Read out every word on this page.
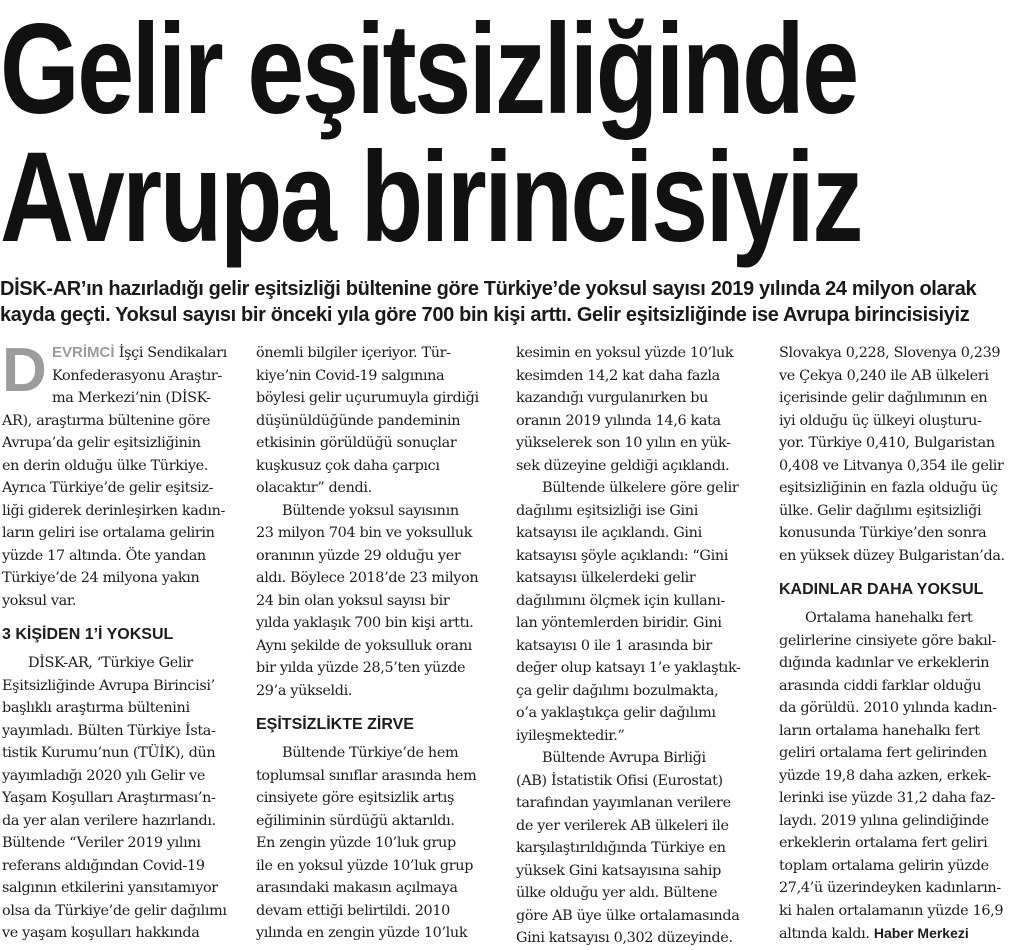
Gelir eşitsizliğinde
Avrupa birincisiyiz

DİSK-AR’ın hazırladığı gelir eşitsizliği bültenine göre Türkiye’de yoksul sayısı 2019 yılında 24 milyon olarak

kayda geçti. Yoksul sayısı bir önceki yıla göre 700 bin kişi arttı. Gelir eşitsizliğinde ise Avrupa birincisisiyiz

D EVRİMCİ İşçi Sendikaları
Konfederasyonu Araştır-
ma Merkezi’nin (DİSK-
AR), araştırma bültenine göre
Avrupa’da gelir eşitsizliğinin
en derin olduğu ülke Türkiye.
Ayrıca Türkiye’de gelir eşitsiz-
liği giderek derinleşirken kadın-
ların geliri ise ortalama gelirin
yüzde 17 altında. Öte yandan
Türkiye’de 24 milyona yakın
yoksul var.
3 KİŞİDEN 1’İ YOKSUL
DİSK-AR, ‘Türkiye Gelir
Eşitsizliğinde Avrupa Birincisi’
başlıklı araştırma bültenini
yayımladı. Bülten Türkiye İsta-
tistik Kurumu’nun (TÜİK), dün
yayımladığı 2020 yılı Gelir ve
Yaşam Koşulları Araştırması’n-
da yer alan verilere hazırlandı.
Bültende “Veriler 2019 yılını
referans aldığından Covid-19
salgının etkilerini yansıtamıyor
olsa da Türkiye’de gelir dağılımı
ve yaşam koşulları hakkında
önemli bilgiler içeriyor. Tür-
kiye’nin Covid-19 salgınına
böylesi gelir uçurumuyla girdiği
düşünüldüğünde pandeminin
etkisinin görüldüğü sonuçlar
kuşkusuz çok daha çarpıcı
olacaktır” dendi.
Bültende yoksul sayısının
23 milyon 704 bin ve yoksulluk
oranının yüzde 29 olduğu yer
aldı. Böylece 2018’de 23 milyon
24 bin olan yoksul sayısı bir
yılda yaklaşık 700 bin kişi arttı.
Aynı şekilde de yoksulluk oranı
bir yılda yüzde 28,5’ten yüzde
29’a yükseldi.
EŞİTSİZLİKTE ZİRVE
Bültende Türkiye’de hem
toplumsal sınıflar arasında hem
cinsiyete göre eşitsizlik artış
eğiliminin sürdüğü aktarıldı.
En zengin yüzde 10’luk grup
ile en yoksul yüzde 10’luk grup
arasındaki makasın açılmaya
devam ettiği belirtildi. 2010
yılında en zengin yüzde 10’luk
kesimin en yoksul yüzde 10’luk
kesimden 14,2 kat daha fazla
kazandığı vurgulanırken bu
oranın 2019 yılında 14,6 kata
yükselerek son 10 yılın en yük-
sek düzeyine geldiği açıklandı.
Bültende ülkelere göre gelir
dağılımı eşitsizliği ise Gini
katsayısı ile açıklandı. Gini
katsayısı şöyle açıklandı: “Gini
katsayısı ülkelerdeki gelir
dağılımını ölçmek için kullanı-
lan yöntemlerden biridir. Gini
katsayısı 0 ile 1 arasında bir
değer olup katsayı 1’e yaklaştık-
ça gelir dağılımı bozulmakta,
o’a yaklaştıkça gelir dağılımı
iyileşmektedir.”
Bültende Avrupa Birliği
(AB) İstatistik Ofisi (Eurostat)
tarafından yayımlanan verilere
de yer verilerek AB ülkeleri ile
karşılaştırıldığında Türkiye en
yüksek Gini katsayısına sahip
ülke olduğu yer aldı. Bültene
göre AB üye ülke ortalamasında
Gini katsayısı 0,302 düzeyinde.
Slovakya 0,228, Slovenya 0,239
ve Çekya 0,240 ile AB ülkeleri
içerisinde gelir dağılımının en
iyi olduğu üç ülkeyi oluşturu-
yor. Türkiye 0,410, Bulgaristan
0,408 ve Litvanya 0,354 ile gelir
eşitsizliğinin en fazla olduğu üç
ülke. Gelir dağılımı eşitsizliği
konusunda Türkiye’den sonra
en yüksek düzey Bulgaristan’da.
KADINLAR DAHA YOKSUL
Ortalama hanehalkı fert
gelirlerine cinsiyete göre bakıl-
dığında kadınlar ve erkeklerin
arasında ciddi farklar olduğu
da görüldü. 2010 yılında kadın-
ların ortalama hanehalkı fert
geliri ortalama fert gelirinden
yüzde 19,8 daha azken, erkek-
lerinki ise yüzde 31,2 daha faz-
laydı. 2019 yılına gelindiğinde
erkeklerin ortalama fert geliri
toplam ortalama gelirin yüzde
27,4’ü üzerindeyken kadınların-
ki halen ortalamanın yüzde 16,9
altında kaldı. Haber Merkezi
